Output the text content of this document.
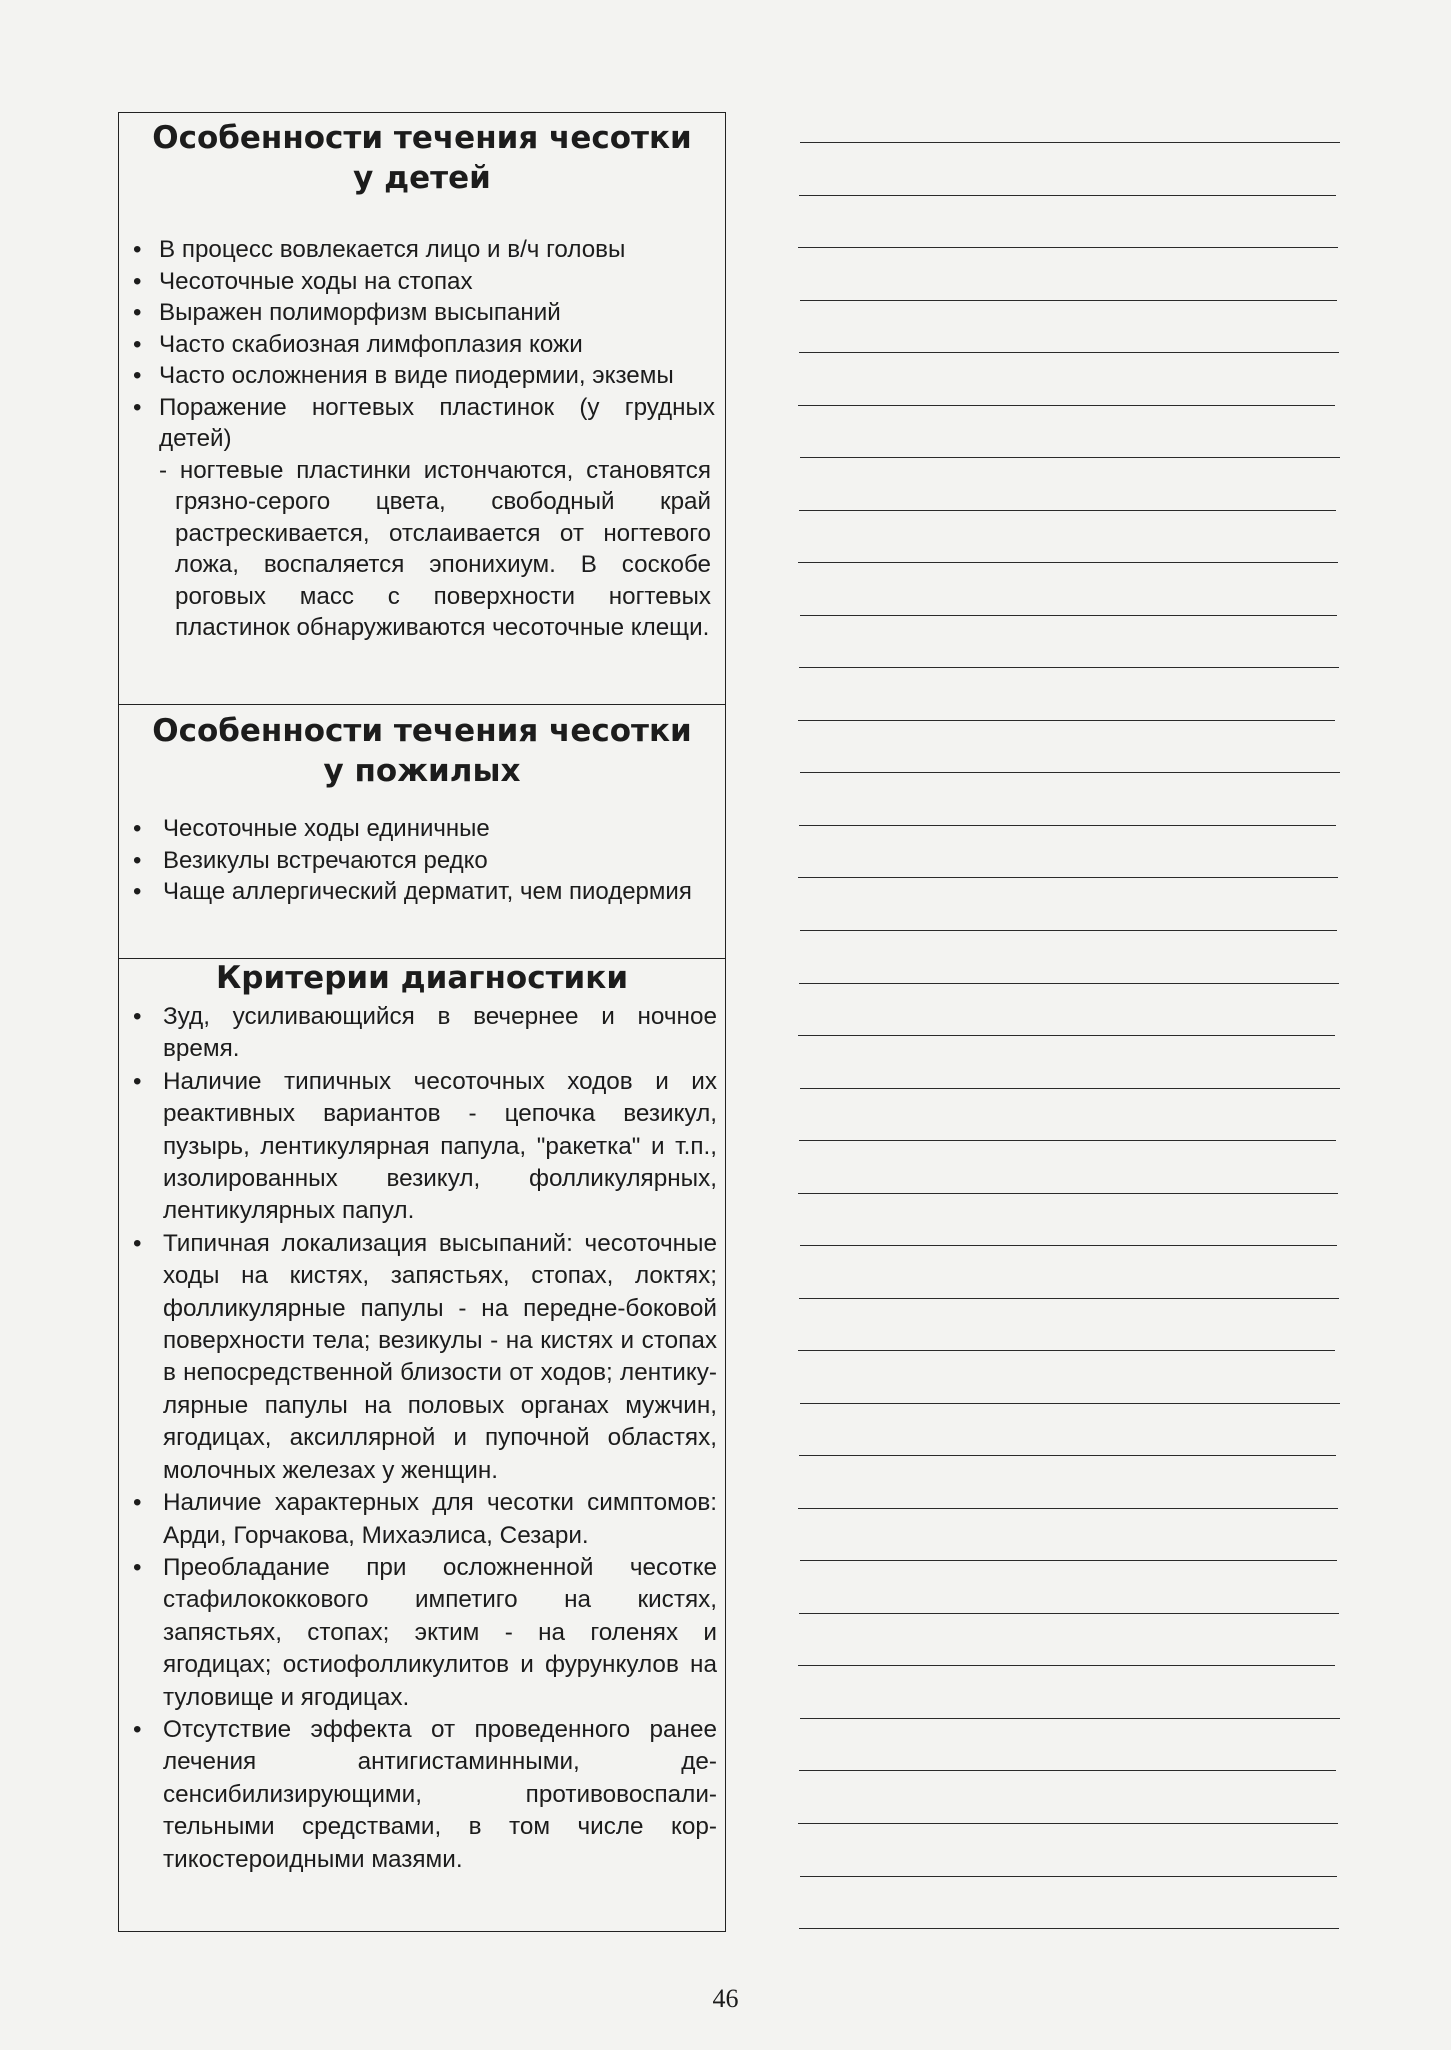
Особенности течения чесотки
у детей
• В процесс вовлекается лицо и в/ч головы
• Чесоточные ходы на стопах
• Выражен полиморфизм высыпаний
• Часто скабиозная лимфоплазия кожи
• Часто осложнения в виде пиодермии, экземы
• Поражение ногтевых пластинок (у грудных детей)
- ногтевые пластинки истончаются, становятся грязно-серого цвета, свободный край растрескивается, отслаивается от ногтевого ложа, воспаляется эпонихиум. В соскобе роговых масс с поверхности ногтевых пластинок обнаруживаются чесоточные клещи.
Особенности течения чесотки
у пожилых
• Чесоточные ходы единичные
• Везикулы встречаются редко
• Чаще аллергический дерматит, чем пиодермия
Критерии диагностики
• Зуд, усиливающийся в вечернее и ночное время.
• Наличие типичных чесоточных ходов и их реактивных вариантов - цепочка везикул, пузырь, лентикулярная папула, "ракетка" и т.п., изолированных везикул, фолликулярных, лентикулярных папул.
• Типичная локализация высыпаний: чесоточные ходы на кистях, запястьях, стопах, локтях; фолликулярные папулы - на передне-боковой поверхности тела; везикулы - на кистях и стопах в непосредственной близости от ходов; лентикулярные папулы на половых органах мужчин, ягодицах, аксиллярной и пупочной областях, молочных железах у женщин.
• Наличие характерных для чесотки симптомов: Арди, Горчакова, Михаэлиса, Сезари.
• Преобладание при осложненной чесотке стафилококкового импетиго на кистях, запястьях, стопах; эктим - на голенях и ягодицах; остиофолликулитов и фурункулов на туловище и ягодицах.
• Отсутствие эффекта от проведенного ранее лечения антигистаминными, десенсибилизирующими, противовоспалительными средствами, в том числе кортикостероидными мазями.
46
